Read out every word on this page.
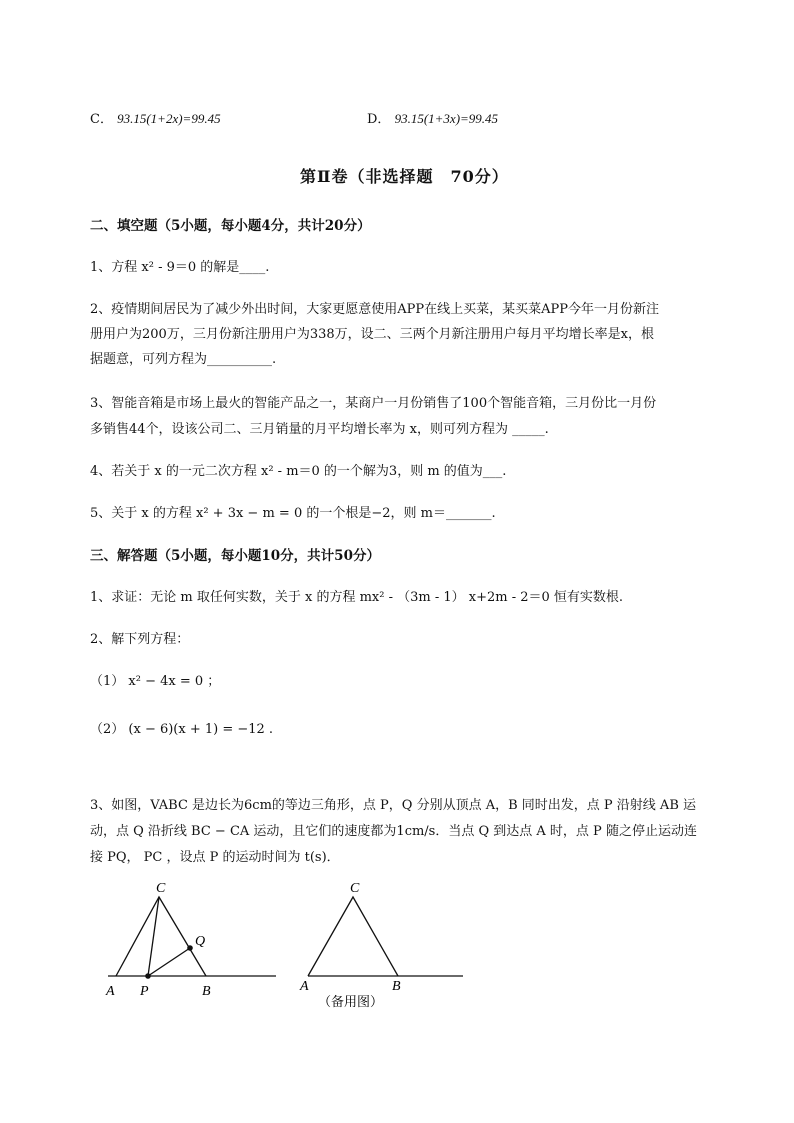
C． 93.15(1+2x)=99.45	D． 93.15(1+3x)=99.45
第Ⅱ卷（非选择题　70分）
二、填空题（5小题，每小题4分，共计20分）
1、方程 x² - 9＝0 的解是____.
2、疫情期间居民为了减少外出时间，大家更愿意使用APP在线上买菜，某买菜APP今年一月份新注
册用户为200万，三月份新注册用户为338万，设二、三两个月新注册用户每月平均增长率是x，根
据题意，可列方程为__________.
3、智能音箱是市场上最火的智能产品之一，某商户一月份销售了100个智能音箱，三月份比一月份
多销售44个，设该公司二、三月销量的月平均增长率为 x，则可列方程为 _____.
4、若关于 x 的一元二次方程 x² - m＝0 的一个解为3，则 m 的值为___.
5、关于 x 的方程 x² + 3x − m = 0 的一个根是−2，则 m＝_______.
三、解答题（5小题，每小题10分，共计50分）
1、求证：无论 m 取任何实数，关于 x 的方程 mx² - （3m - 1） x+2m - 2＝0 恒有实数根.
2、解下列方程：
（1） x² − 4x = 0 ；
（2） (x − 6)(x + 1) = −12 .
3、如图，VABC 是边长为6cm的等边三角形，点 P，Q 分别从顶点 A，B 同时出发，点 P 沿射线 AB 运
动，点 Q 沿折线 BC − CA 运动，且它们的速度都为1cm/s．当点 Q 到达点 A 时，点 P 随之停止运动连
接 PQ， PC ，设点 P 的运动时间为 t(s)．
C
Q
A P	B
C
A	B
（备用图）
